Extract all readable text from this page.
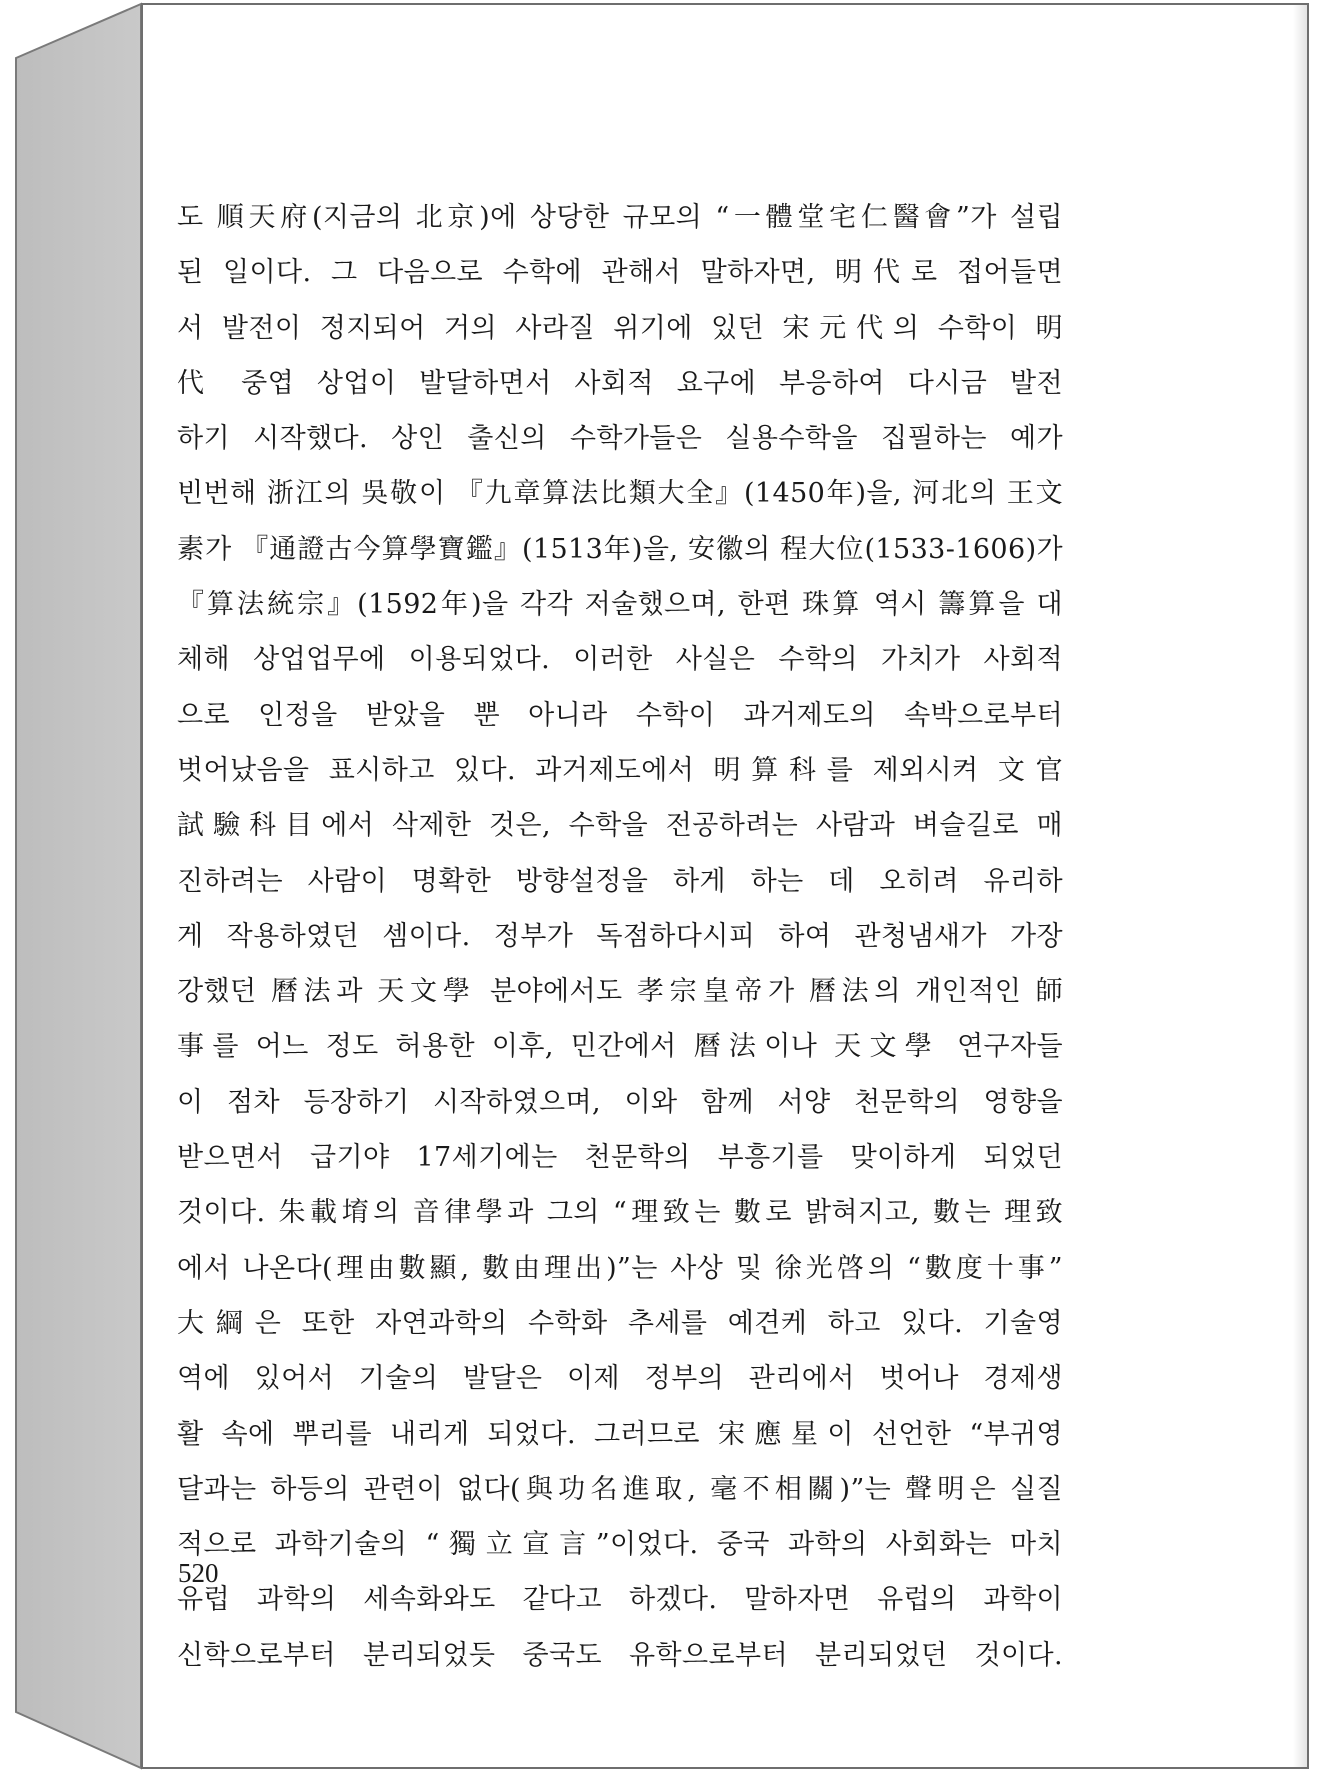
도 順天府(지금의 北京)에 상당한 규모의 “一體堂宅仁醫會”가 설립
된 일이다. 그 다음으로 수학에 관해서 말하자면, 明代로 접어들면
서 발전이 정지되어 거의 사라질 위기에 있던 宋元代의 수학이 明
代 중엽 상업이 발달하면서 사회적 요구에 부응하여 다시금 발전
하기 시작했다. 상인 출신의 수학가들은 실용수학을 집필하는 예가
빈번해 浙江의 吳敬이 『九章算法比類大全』(1450年)을, 河北의 王文
素가 『通證古今算學寶鑑』(1513年)을, 安徽의 程大位(1533-1606)가
『算法統宗』(1592年)을 각각 저술했으며, 한편 珠算 역시 籌算을 대
체해 상업업무에 이용되었다. 이러한 사실은 수학의 가치가 사회적
으로 인정을 받았을 뿐 아니라 수학이 과거제도의 속박으로부터
벗어났음을 표시하고 있다. 과거제도에서 明算科를 제외시켜 文官
試驗科目에서 삭제한 것은, 수학을 전공하려는 사람과 벼슬길로 매
진하려는 사람이 명확한 방향설정을 하게 하는 데 오히려 유리하
게 작용하였던 셈이다. 정부가 독점하다시피 하여 관청냄새가 가장
강했던 曆法과 天文學 분야에서도 孝宗皇帝가 曆法의 개인적인 師
事를 어느 정도 허용한 이후, 민간에서 曆法이나 天文學 연구자들
이 점차 등장하기 시작하였으며, 이와 함께 서양 천문학의 영향을
받으면서 급기야 17세기에는 천문학의 부흥기를 맞이하게 되었던
것이다. 朱載堉의 音律學과 그의 “理致는 數로 밝혀지고, 數는 理致
에서 나온다(理由數顯, 數由理出)”는 사상 및 徐光啓의 “數度十事”
大綱은 또한 자연과학의 수학화 추세를 예견케 하고 있다. 기술영
역에 있어서 기술의 발달은 이제 정부의 관리에서 벗어나 경제생
활 속에 뿌리를 내리게 되었다. 그러므로 宋應星이 선언한 “부귀영
달과는 하등의 관련이 없다(與功名進取, 毫不相關)”는 聲明은 실질
적으로 과학기술의 “獨立宣言”이었다. 중국 과학의 사회화는 마치
유럽 과학의 세속화와도 같다고 하겠다. 말하자면 유럽의 과학이
신학으로부터 분리되었듯 중국도 유학으로부터 분리되었던 것이다.
520
